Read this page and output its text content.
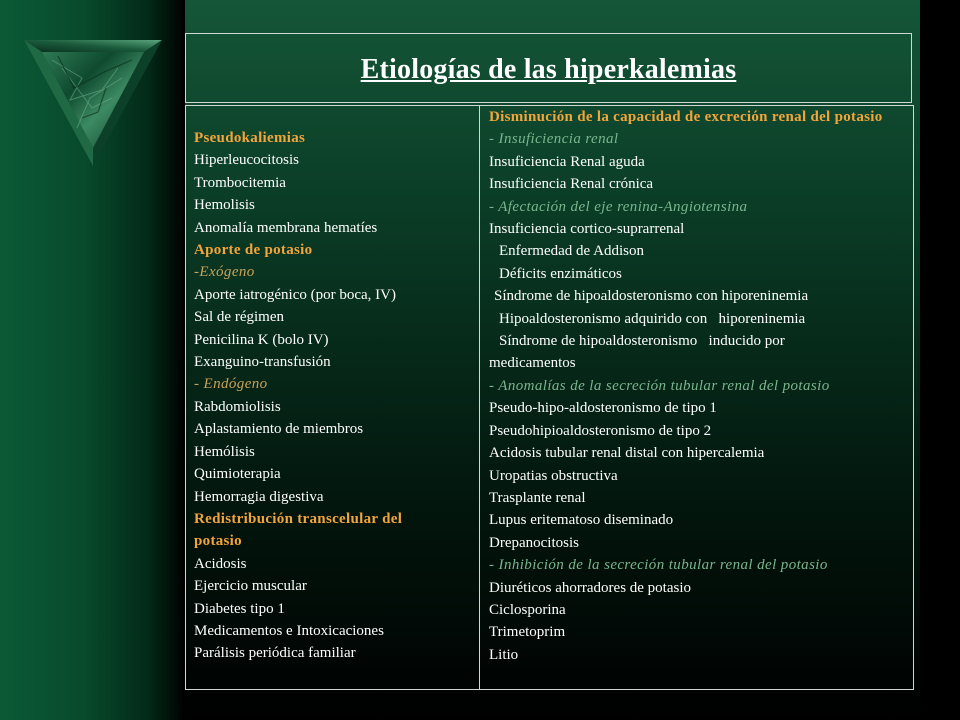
Etiologías de las hiperkalemias
Pseudokaliemias
Hiperleucocitosis
Trombocitemia
Hemolisis
Anomalía membrana hematíes
Aporte de potasio
-Exógeno
Aporte iatrogénico (por boca, IV)
Sal de régimen
Penicilina K (bolo IV)
Exanguino-transfusión
- Endógeno
Rabdomiolisis
Aplastamiento de miembros
Hemólisis
Quimioterapia
Hemorragia digestiva
Redistribución transcelular del potasio
Acidosis
Ejercicio muscular
Diabetes tipo 1
Medicamentos e Intoxicaciones
Parálisis periódica familiar
Disminución de la capacidad de excreción renal del potasio
- Insuficiencia renal
Insuficiencia Renal aguda
Insuficiencia Renal crónica
- Afectación del eje renina-Angiotensina
Insuficiencia cortico-suprarrenal
Enfermedad de Addison
Déficits enzimáticos
Síndrome de hipoaldosteronismo con hiporeninemia
Hipoaldosteronismo adquirido con   hiporeninemia
Síndrome de hipoaldosteronismo   inducido por
medicamentos
- Anomalías de la secreción tubular renal del potasio
Pseudo-hipo-aldosteronismo de tipo 1
Pseudohipioaldosteronismo de tipo 2
Acidosis tubular renal distal con hipercalemia
Uropatias obstructiva
Trasplante renal
Lupus eritematoso diseminado
Drepanocitosis
- Inhibición de la secreción tubular renal del potasio
Diuréticos ahorradores de potasio
Ciclosporina
Trimetoprim
Litio
